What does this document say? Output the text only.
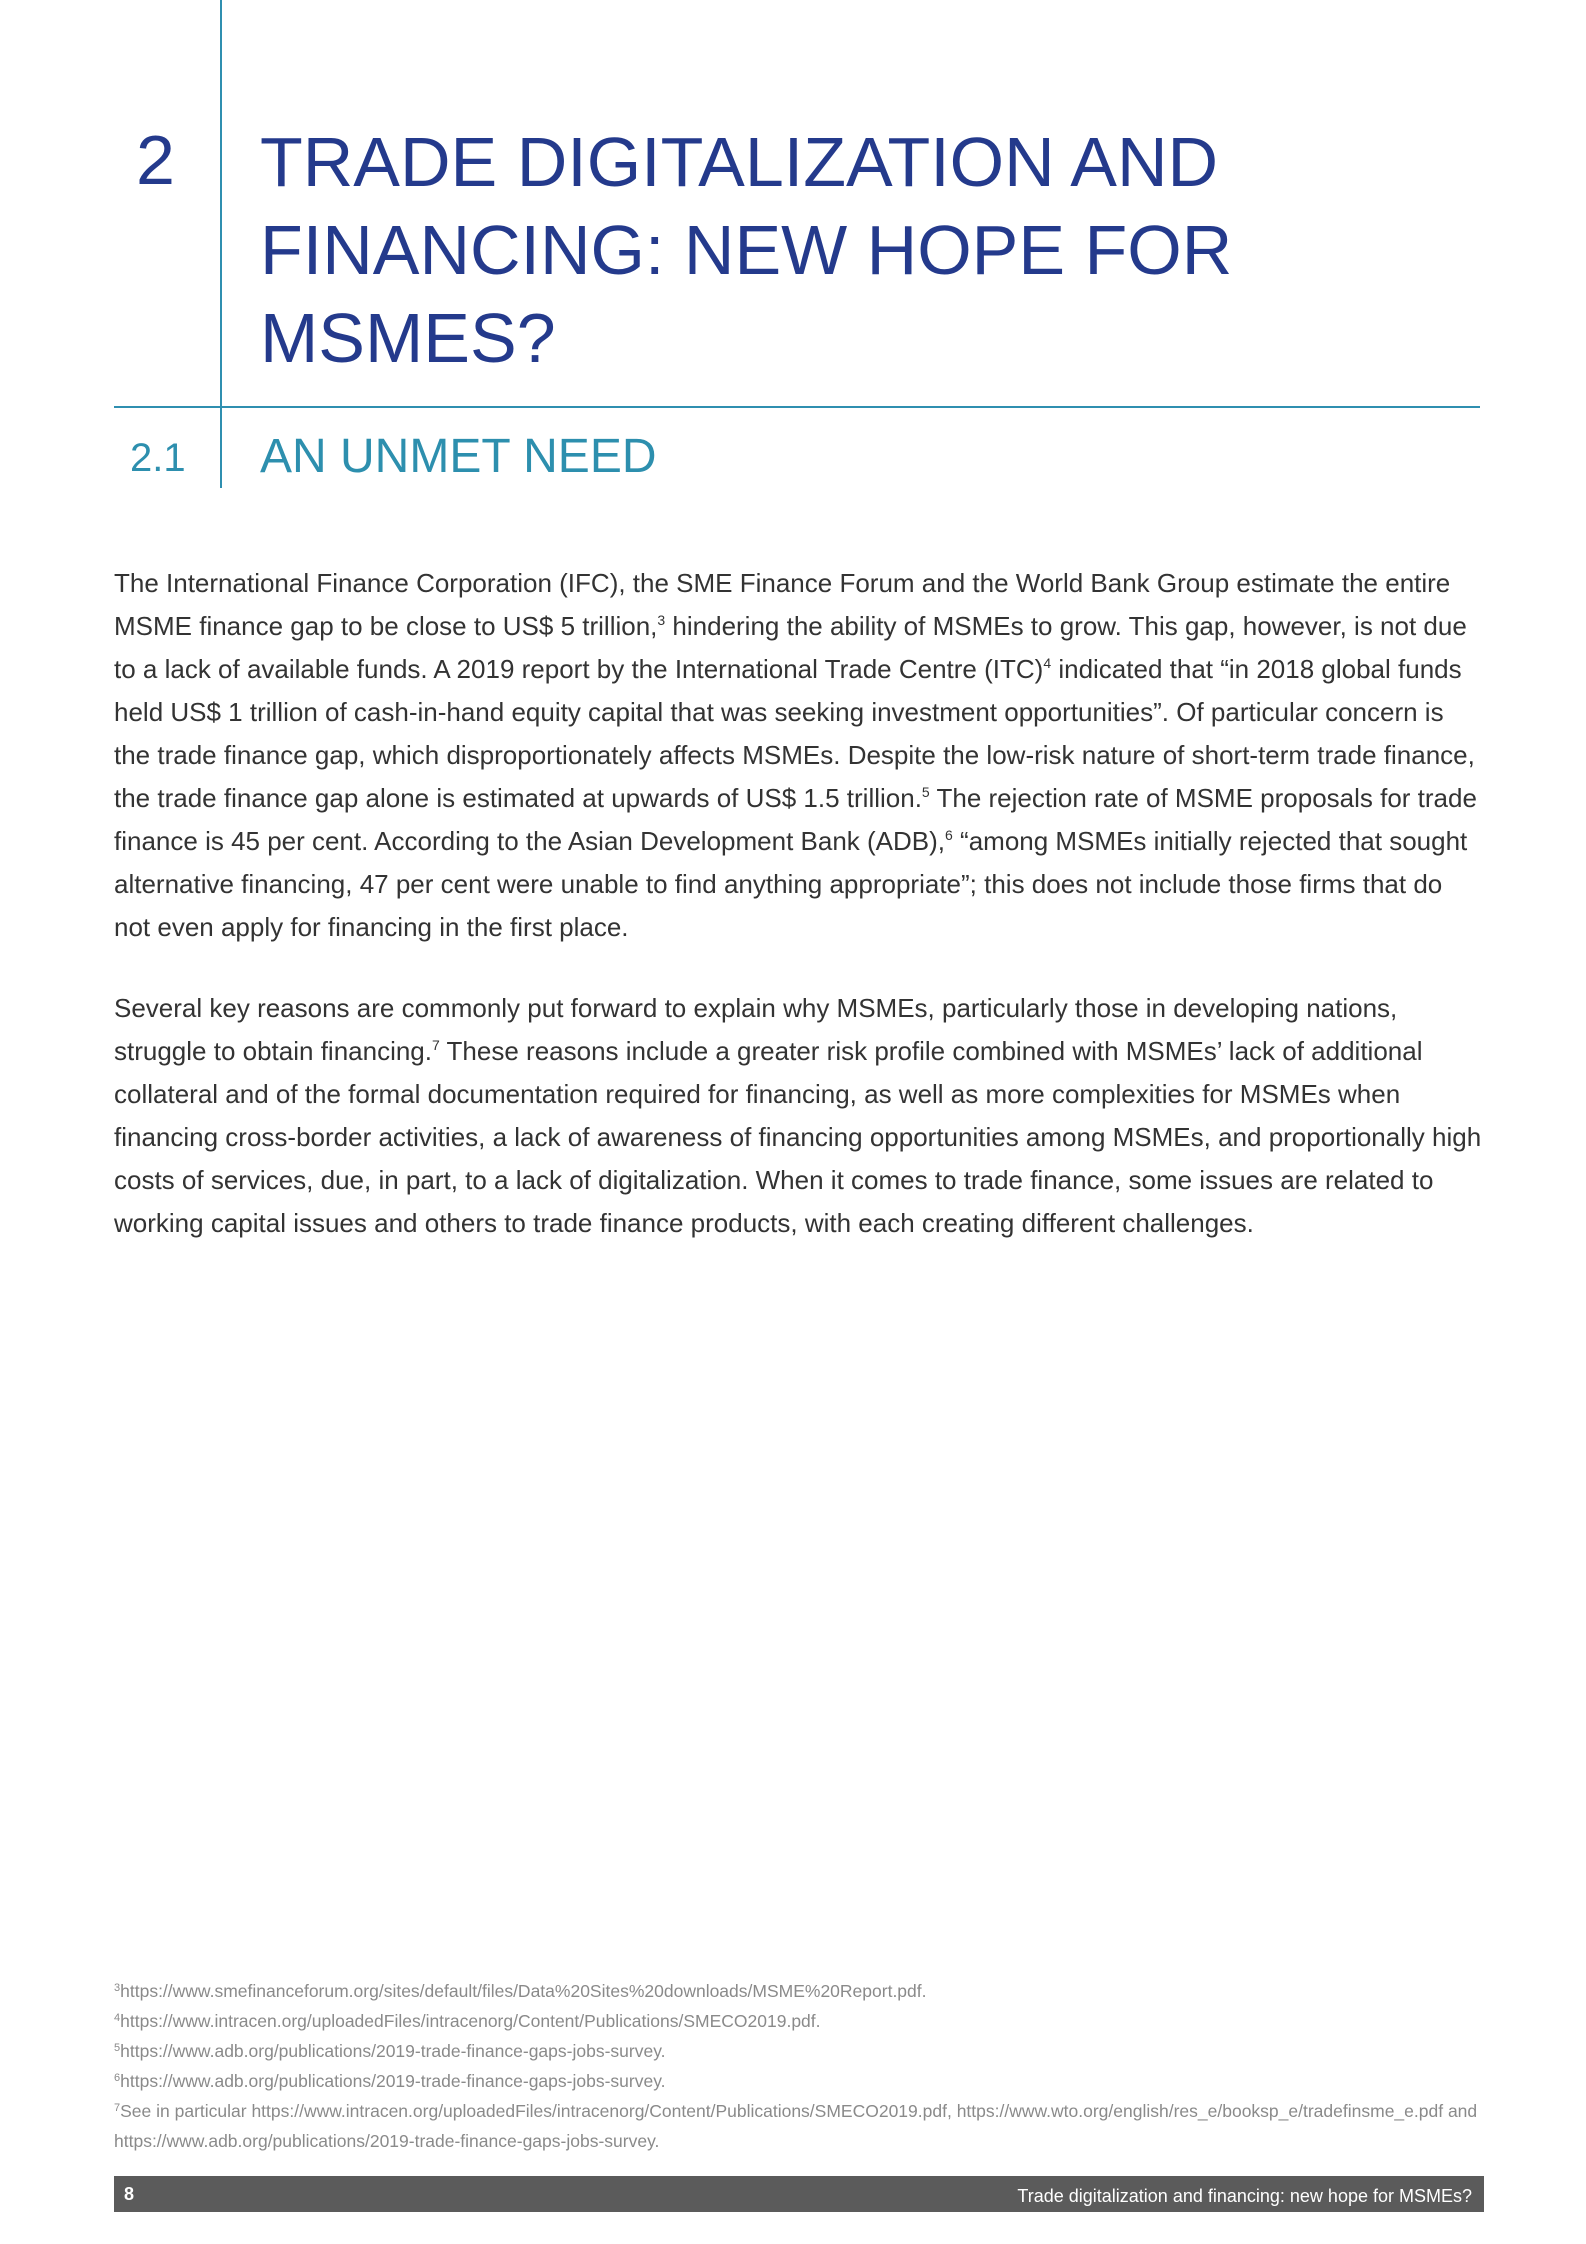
2 TRADE DIGITALIZATION AND FINANCING: NEW HOPE FOR MSMES?
2.1 AN UNMET NEED

The International Finance Corporation (IFC), the SME Finance Forum and the World Bank Group estimate the entire MSME finance gap to be close to US$ 5 trillion,$^3$ hindering the ability of MSMEs to grow. This gap, however, is not due to a lack of available funds. A 2019 report by the International Trade Centre (ITC)$^4$ indicated that “in 2018 global funds held US$ 1 trillion of cash-in-hand equity capital that was seeking investment opportunities”. Of particular concern is the trade finance gap, which disproportionately affects MSMEs. Despite the low-risk nature of short-term trade finance, the trade finance gap alone is estimated at upwards of US$ 1.5 trillion.$^5$ The rejection rate of MSME proposals for trade finance is 45 per cent. According to the Asian Development Bank (ADB),$^6$ “among MSMEs initially rejected that sought alternative financing, 47 per cent were unable to find anything appropriate”; this does not include those firms that do not even apply for financing in the first place.

Several key reasons are commonly put forward to explain why MSMEs, particularly those in developing nations, struggle to obtain financing.$^7$ These reasons include a greater risk profile combined with MSMEs’ lack of additional collateral and of the formal documentation required for financing, as well as more complexities for MSMEs when financing cross-border activities, a lack of awareness of financing opportunities among MSMEs, and proportionally high costs of services, due, in part, to a lack of digitalization. When it comes to trade finance, some issues are related to working capital issues and others to trade finance products, with each creating different challenges.

$^3$https://www.smefinanceforum.org/sites/default/files/Data%20Sites%20downloads/MSME%20Report.pdf.
$^4$https://www.intracen.org/uploadedFiles/intracenorg/Content/Publications/SMECO2019.pdf.
$^5$https://www.adb.org/publications/2019-trade-finance-gaps-jobs-survey.
$^6$https://www.adb.org/publications/2019-trade-finance-gaps-jobs-survey.
$^7$See in particular https://www.intracen.org/uploadedFiles/intracenorg/Content/Publications/SMECO2019.pdf, https://www.wto.org/english/res_e/booksp_e/tradefinsme_e.pdf and https://www.adb.org/publications/2019-trade-finance-gaps-jobs-survey.
8	Trade digitalization and financing: new hope for MSMEs?
